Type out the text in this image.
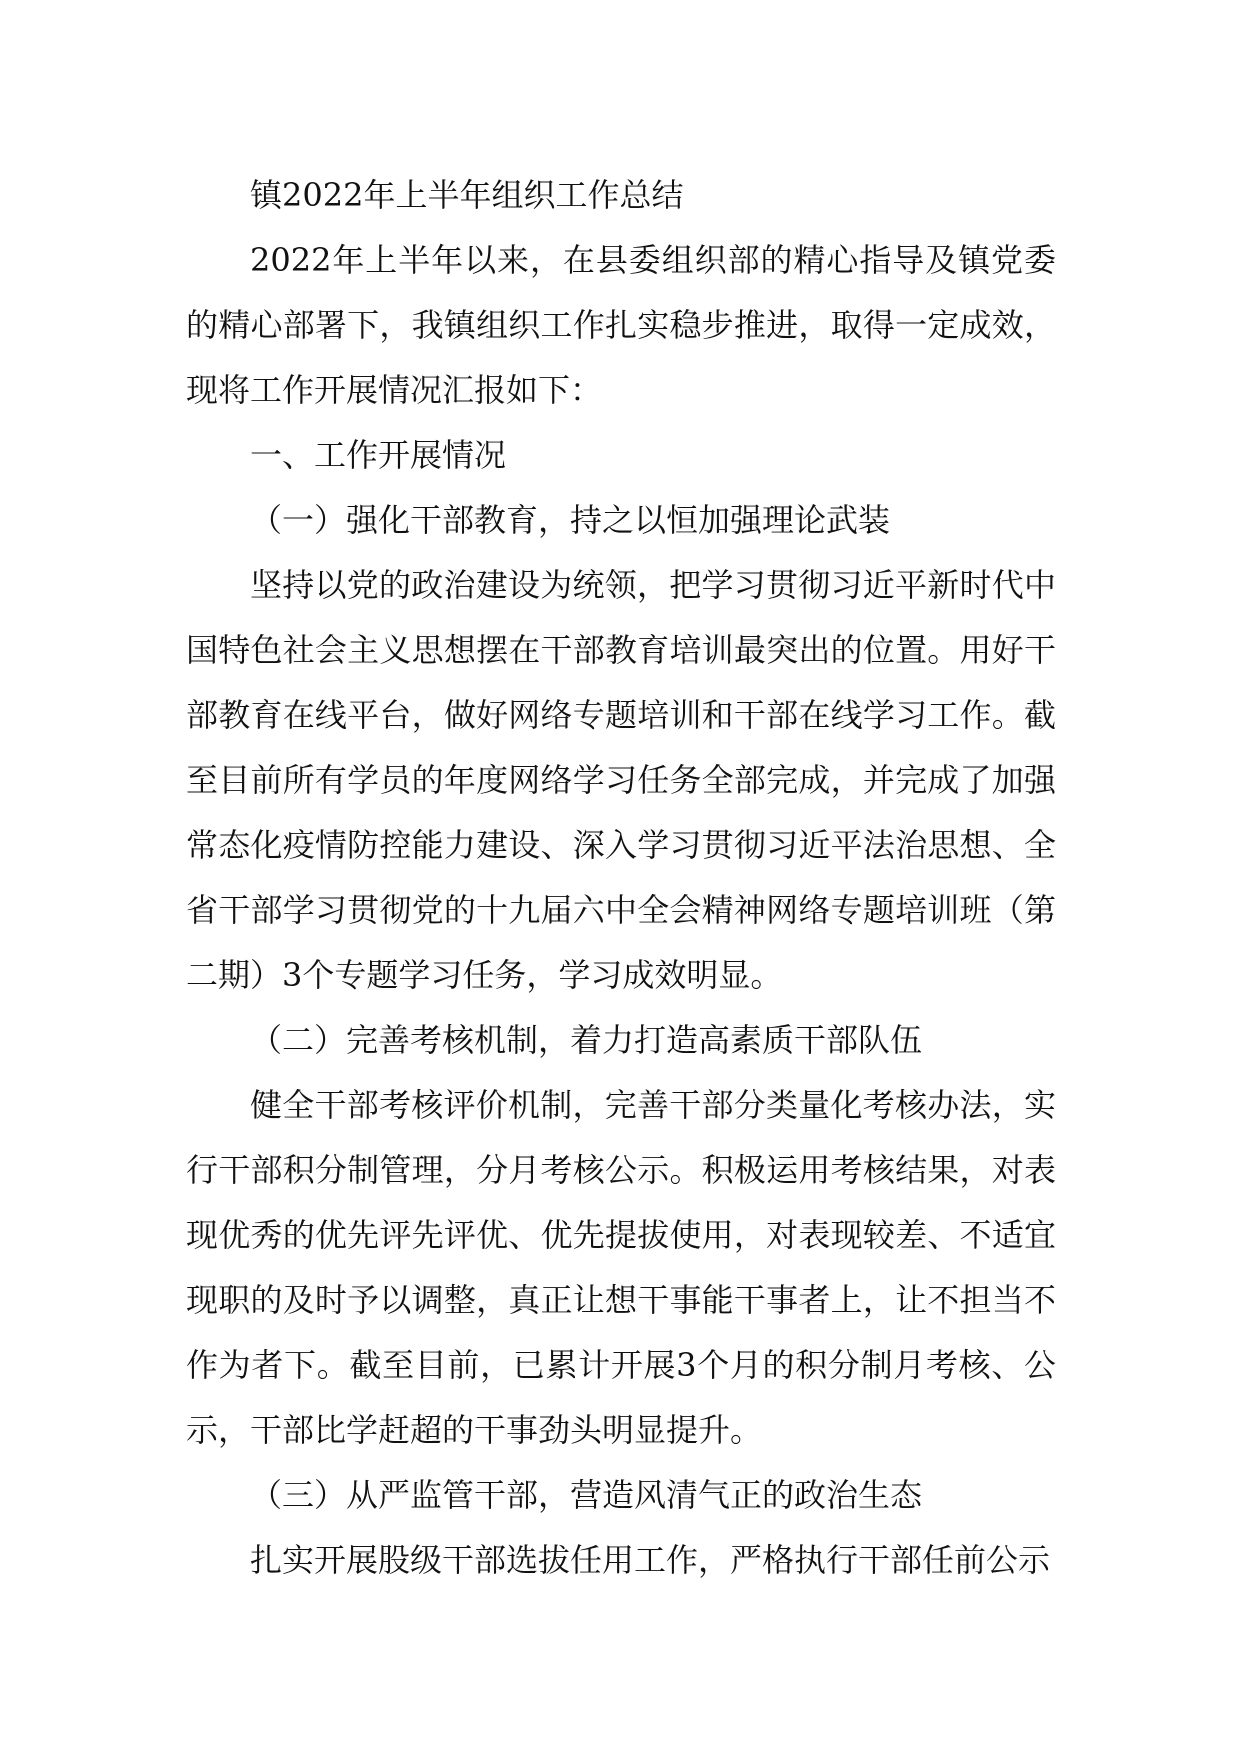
镇2022年上半年组织工作总结

2022年上半年以来，在县委组织部的精心指导及镇党委的精心部署下，我镇组织工作扎实稳步推进，取得一定成效，现将工作开展情况汇报如下：

一、工作开展情况

（一）强化干部教育，持之以恒加强理论武装

坚持以党的政治建设为统领，把学习贯彻习近平新时代中国特色社会主义思想摆在干部教育培训最突出的位置。用好干部教育在线平台，做好网络专题培训和干部在线学习工作。截至目前所有学员的年度网络学习任务全部完成，并完成了加强常态化疫情防控能力建设、深入学习贯彻习近平法治思想、全省干部学习贯彻党的十九届六中全会精神网络专题培训班（第二期）3个专题学习任务，学习成效明显。

（二）完善考核机制，着力打造高素质干部队伍

健全干部考核评价机制，完善干部分类量化考核办法，实行干部积分制管理，分月考核公示。积极运用考核结果，对表现优秀的优先评先评优、优先提拔使用，对表现较差、不适宜现职的及时予以调整，真正让想干事能干事者上，让不担当不作为者下。截至目前，已累计开展3个月的积分制月考核、公示，干部比学赶超的干事劲头明显提升。

（三）从严监管干部，营造风清气正的政治生态

扎实开展股级干部选拔任用工作，严格执行干部任前公示
